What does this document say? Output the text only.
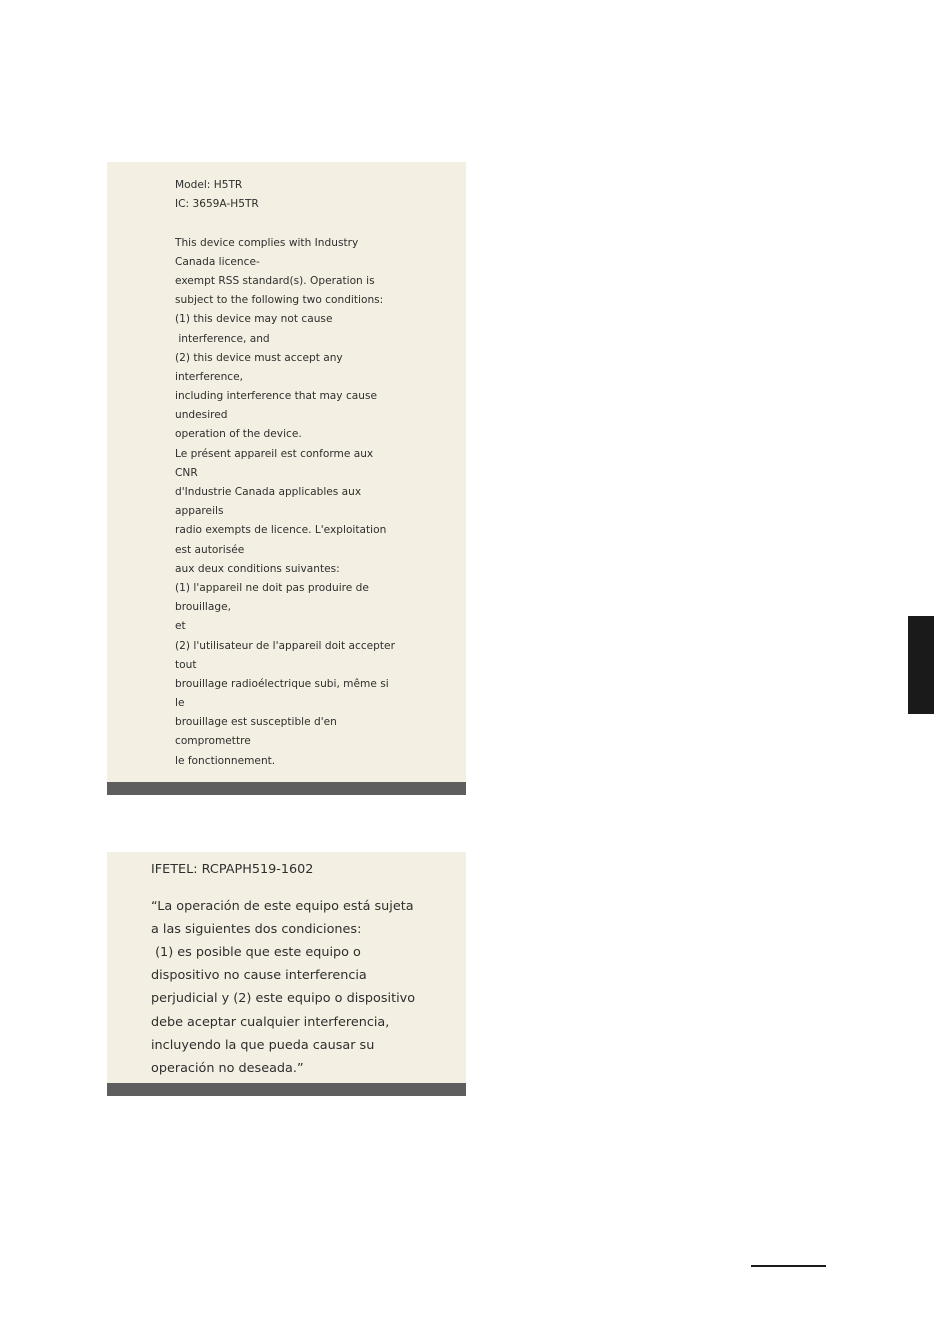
Model: H5TR
IC: 3659A-H5TR
This device complies with Industry
Canada licence-
exempt RSS standard(s). Operation is
subject to the following two conditions:
(1) this device may not cause
interference, and
(2) this device must accept any
interference,
including interference that may cause
undesired
operation of the device.
Le présent appareil est conforme aux
CNR
d'Industrie Canada applicables aux
appareils
radio exempts de licence. L'exploitation
est autorisée
aux deux conditions suivantes:
(1) l'appareil ne doit pas produire de
brouillage,
et
(2) l'utilisateur de l'appareil doit accepter
tout
brouillage radioélectrique subi, même si
le
brouillage est susceptible d'en
compromettre
le fonctionnement.
IFETEL: RCPAPH519-1602
“La operación de este equipo está sujeta
a las siguientes dos condiciones:
(1) es posible que este equipo o
dispositivo no cause interferencia
perjudicial y (2) este equipo o dispositivo
debe aceptar cualquier interferencia,
incluyendo la que pueda causar su
operación no deseada.”
